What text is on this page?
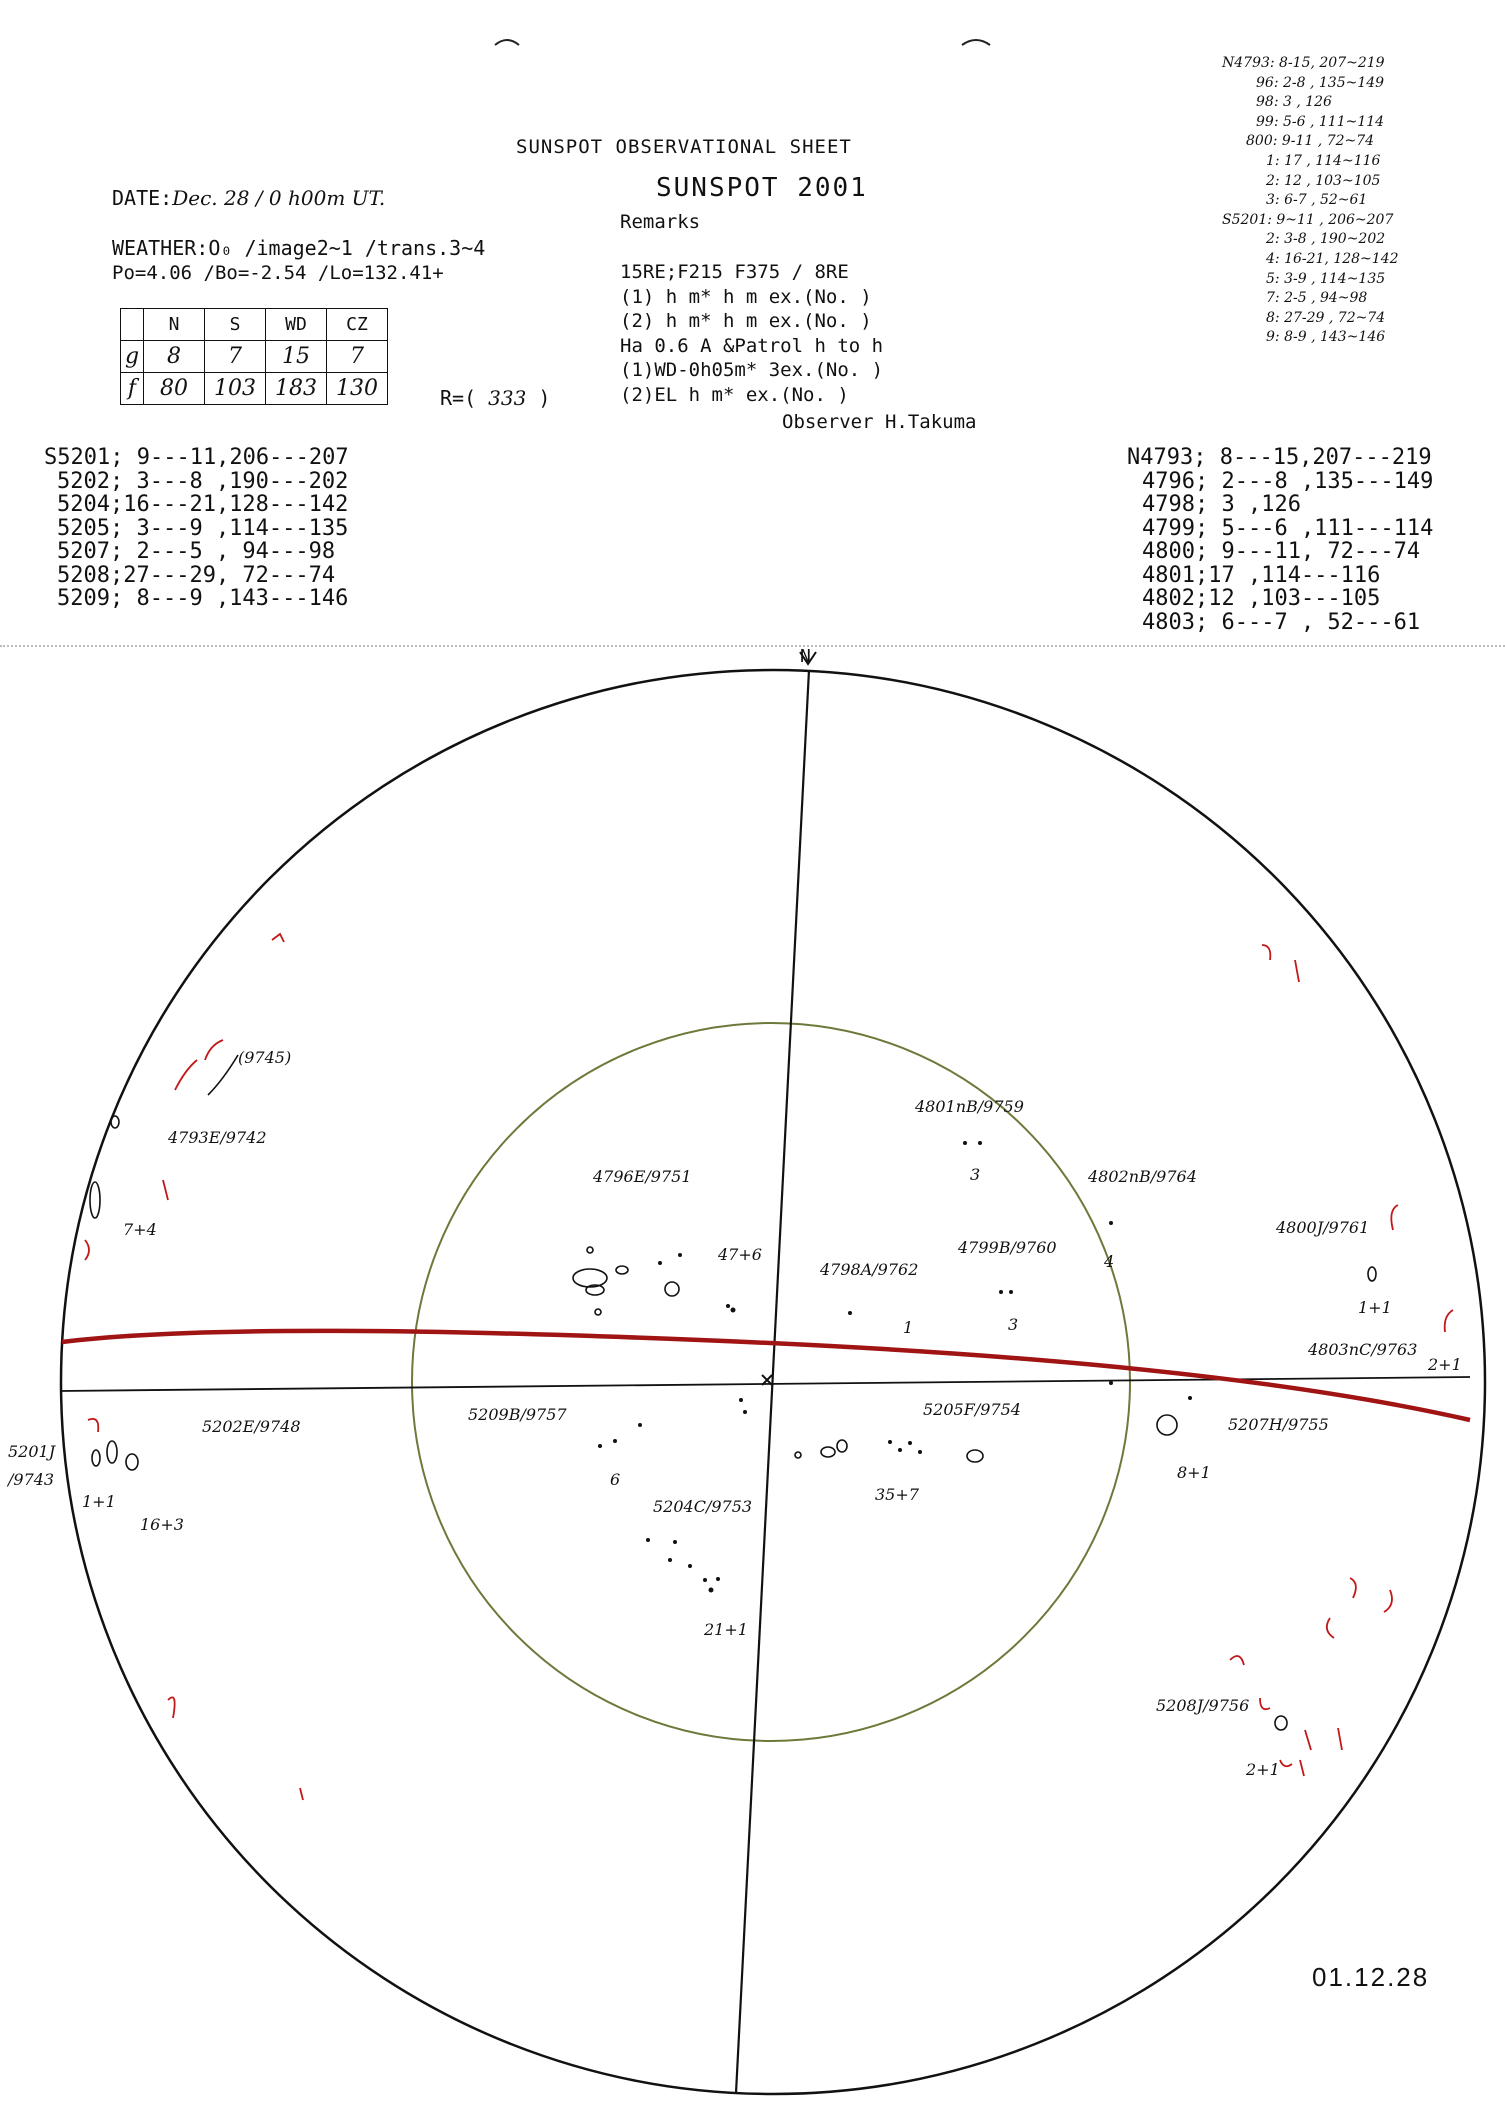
SUNSPOT OBSERVATIONAL SHEET
SUNSPOT 2001
DATE:Dec. 28 / 0 h00m UT.
WEATHER:O₀ /image2~1 /trans.3~4
Po=4.06 /Bo=-2.54 /Lo=132.41+
	N	S	WD	CZ
g	8	7	15	7
f	80	103	183	130	R=( 333 )
Remarks
15RE;F215 F375 / 8RE
(1) h m* h m ex.(No. )
(2) h m* h m ex.(No. )
Ha 0.6 A &Patrol h to h
(1)WD-0h05m* 3ex.(No. )
(2)EL h m* ex.(No. )
Observer H.Takuma
N4793: 8-15, 207~219
96: 2-8 , 135~149
98: 3 , 126
99: 5-6 , 111~114
800: 9-11 , 72~74
1: 17 , 114~116
2: 12 , 103~105
3: 6-7 , 52~61
S5201: 9~11 , 206~207
2: 3-8 , 190~202
4: 16-21, 128~142
5: 3-9 , 114~135
7: 2-5 , 94~98
8: 27-29 , 72~74
9: 8-9 , 143~146
S5201; 9---11,206---207
5202; 3---8 ,190---202
5204;16---21,128---142
5205; 3---9 ,114---135
5207; 2---5 , 94---98
5208;27---29, 72---74
5209; 8---9 ,143---146
N4793; 8---15,207---219
4796; 2---8 ,135---149
4798; 3 ,126
4799; 5---6 ,111---114
4800; 9---11, 72---74
4801;17 ,114---116
4802;12 ,103---105
4803; 6---7 , 52---61
N
(9745)
4793E/9742
7+4
4796E/9751
47+6
4801nB/9759
3	4802nB/9764
4799B/9760
4
4798A/9762
1	3
4800J/9761
1+1
4803nC/9763
2+1
5201J /9743
1+1
16+3
5202E/9748
5209B/9757
6
5204C/9753
21+1
5205F/9754
35+7
5207H/9755
8+1
5208J/9756
2+1
01.12.28
